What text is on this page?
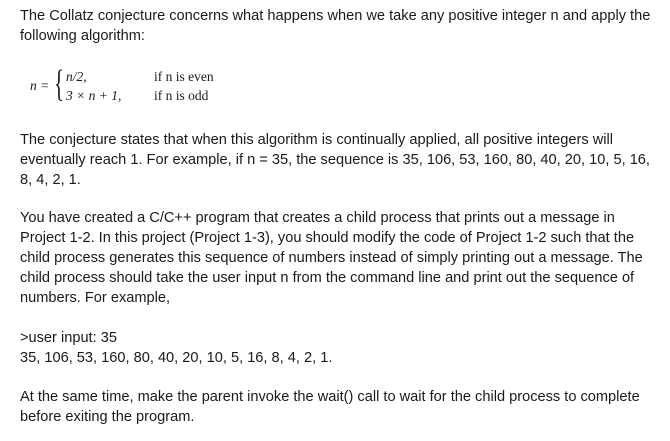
The Collatz conjecture concerns what happens when we take any positive integer n and apply the following algorithm:

n = { n/2,	if n is even
3 × n + 1, if n is odd

The conjecture states that when this algorithm is continually applied, all positive integers will eventually reach 1. For example, if n = 35, the sequence is 35, 106, 53, 160, 80, 40, 20, 10, 5, 16, 8, 4, 2, 1.

You have created a C/C++ program that creates a child process that prints out a message in Project 1-2. In this project (Project 1-3), you should modify the code of Project 1-2 such that the child process generates this sequence of numbers instead of simply printing out a message. The child process should take the user input n from the command line and print out the sequence of numbers. For example,

>user input: 35
35, 106, 53, 160, 80, 40, 20, 10, 5, 16, 8, 4, 2, 1.

At the same time, make the parent invoke the wait() call to wait for the child process to complete before exiting the program.
